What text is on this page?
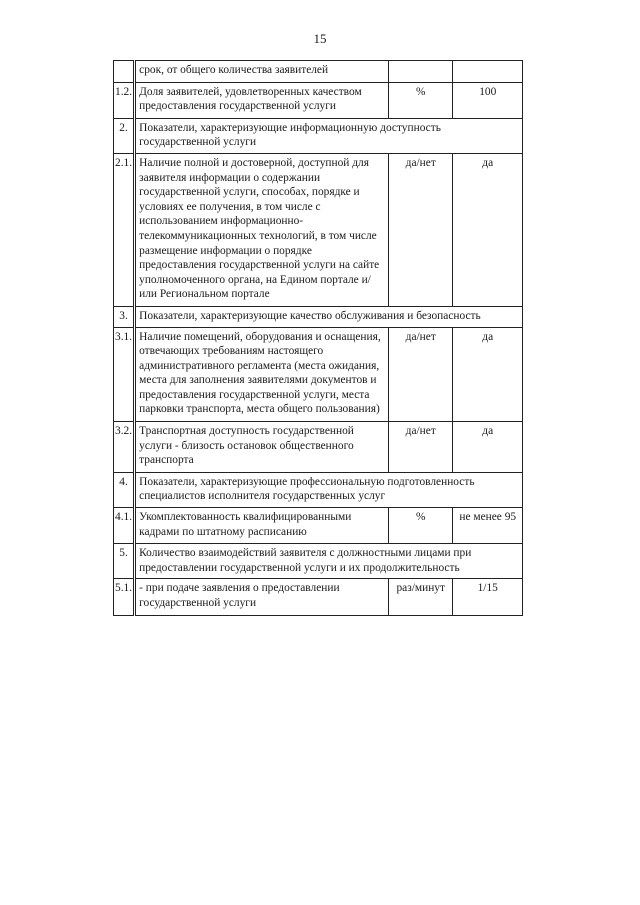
15
	срок, от общего количества заявителей		
1.2.	Доля заявителей, удовлетворенных качеством предоставления государственной услуги	%	100
2.	Показатели, характеризующие информационную доступность государственной услуги		
2.1.	Наличие полной и достоверной, доступной для заявителя информации о содержании государственной услуги, способах, порядке и условиях ее получения, в том числе с использованием информационно-телекоммуникационных технологий, в том числе размещение информации о порядке предоставления государственной услуги на сайте уполномоченного органа, на Едином портале и/или Региональном портале	да/нет	да
3.	Показатели, характеризующие качество обслуживания и безопасность		
3.1.	Наличие помещений, оборудования и оснащения, отвечающих требованиям настоящего административного регламента (места ожидания, места для заполнения заявителями документов и предоставления государственной услуги, места парковки транспорта, места общего пользования)	да/нет	да
3.2.	Транспортная доступность государственной услуги - близость остановок общественного транспорта	да/нет	да
4.	Показатели, характеризующие профессиональную подготовленность специалистов исполнителя государственных услуг		
4.1.	Укомплектованность квалифицированными кадрами по штатному расписанию	%	не менее 95
5.	Количество взаимодействий заявителя с должностными лицами при предоставлении государственной услуги и их продолжительность		
5.1.	- при подаче заявления о предоставлении государственной услуги	раз/минут	1/15
